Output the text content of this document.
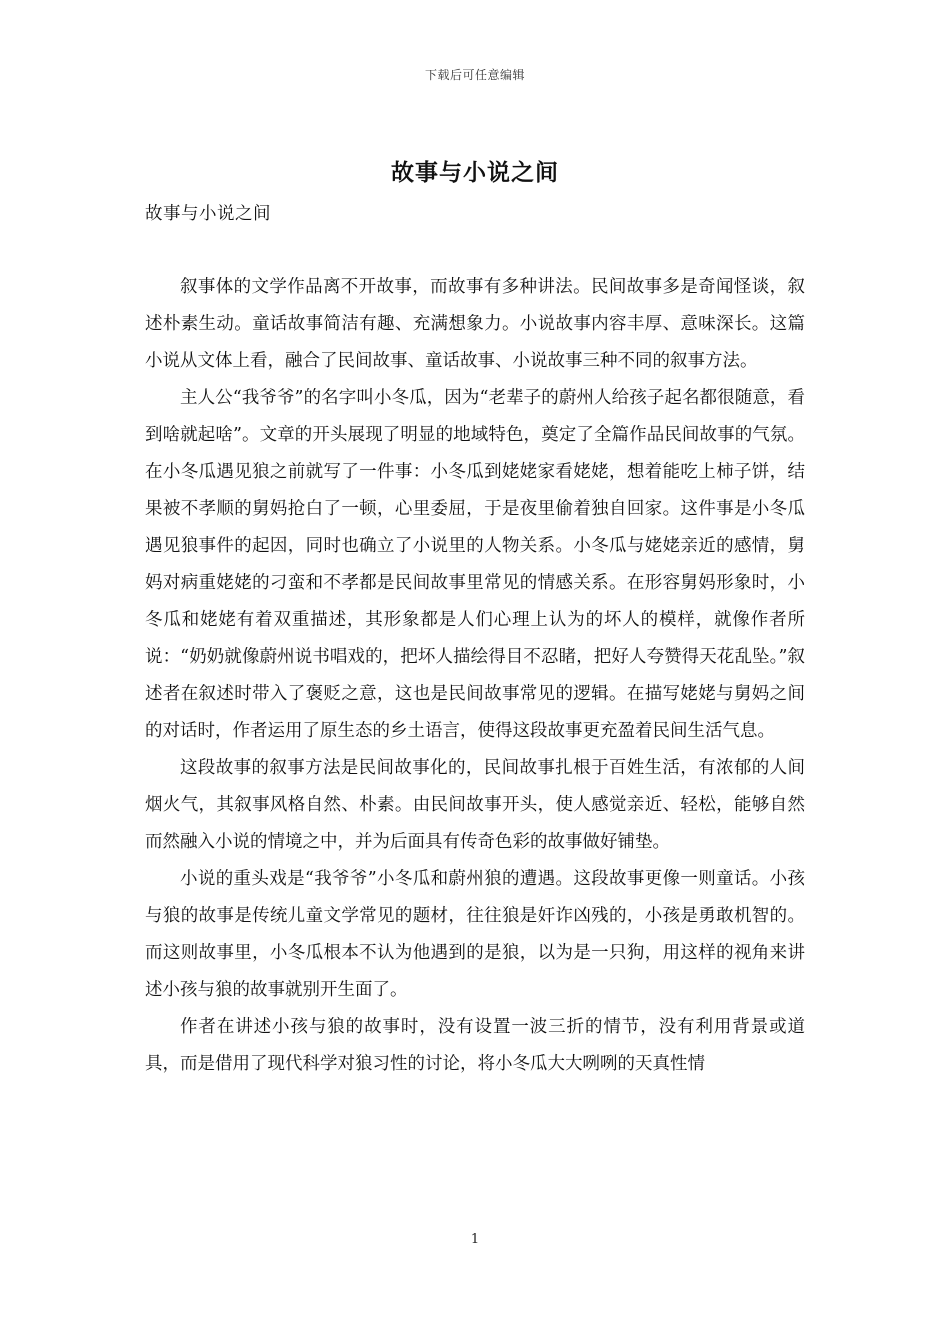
下载后可任意编辑
故事与小说之间
故事与小说之间

叙事体的文学作品离不开故事，而故事有多种讲法。民间故事多是奇闻怪谈，叙述朴素生动。童话故事简洁有趣、充满想象力。小说故事内容丰厚、意味深长。这篇小说从文体上看，融合了民间故事、童话故事、小说故事三种不同的叙事方法。

主人公“我爷爷”的名字叫小冬瓜，因为“老辈子的蔚州人给孩子起名都很随意，看到啥就起啥”。文章的开头展现了明显的地域特色，奠定了全篇作品民间故事的气氛。在小冬瓜遇见狼之前就写了一件事：小冬瓜到姥姥家看姥姥，想着能吃上柿子饼，结果被不孝顺的舅妈抢白了一顿，心里委屈，于是夜里偷着独自回家。这件事是小冬瓜遇见狼事件的起因，同时也确立了小说里的人物关系。小冬瓜与姥姥亲近的感情，舅妈对病重姥姥的刁蛮和不孝都是民间故事里常见的情感关系。在形容舅妈形象时，小冬瓜和姥姥有着双重描述，其形象都是人们心理上认为的坏人的模样，就像作者所说：“奶奶就像蔚州说书唱戏的，把坏人描绘得目不忍睹，把好人夸赞得天花乱坠。”叙述者在叙述时带入了褒贬之意，这也是民间故事常见的逻辑。在描写姥姥与舅妈之间的对话时，作者运用了原生态的乡土语言，使得这段故事更充盈着民间生活气息。

这段故事的叙事方法是民间故事化的，民间故事扎根于百姓生活，有浓郁的人间烟火气，其叙事风格自然、朴素。由民间故事开头，使人感觉亲近、轻松，能够自然而然融入小说的情境之中，并为后面具有传奇色彩的故事做好铺垫。

小说的重头戏是“我爷爷”小冬瓜和蔚州狼的遭遇。这段故事更像一则童话。小孩与狼的故事是传统儿童文学常见的题材，往往狼是奸诈凶残的，小孩是勇敢机智的。而这则故事里，小冬瓜根本不认为他遇到的是狼，以为是一只狗，用这样的视角来讲述小孩与狼的故事就别开生面了。

作者在讲述小孩与狼的故事时，没有设置一波三折的情节，没有利用背景或道具，而是借用了现代科学对狼习性的讨论，将小冬瓜大大咧咧的天真性情

1
